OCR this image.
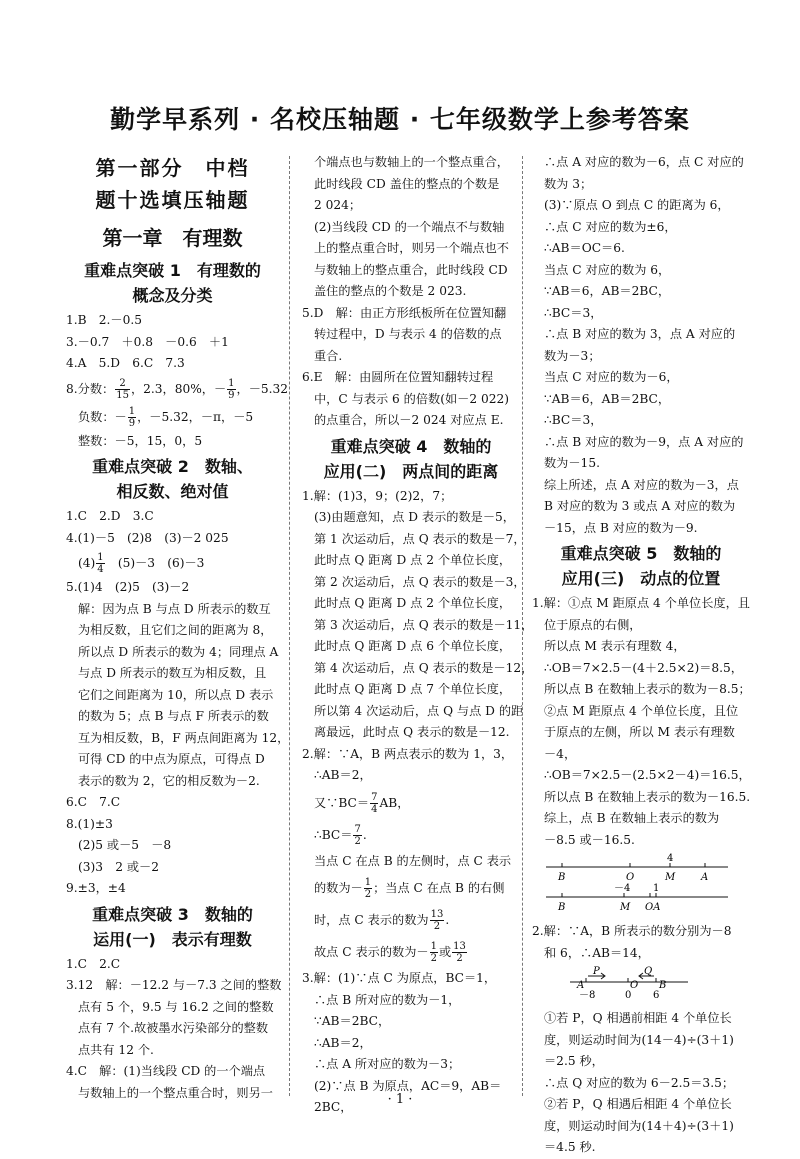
勤学早系列 · 名校压轴题 · 七年级数学上参考答案
第一部分　中档
题十选填压轴题
第一章　有理数
重难点突破 1　有理数的
概念及分类
1.B　2.－0.5
3.－0.7　＋0.8　－0.6　＋1
4.A　5.D　6.C　7.3
8.分数： $\frac{2}{15}$ ，2.3，80%，－ $\frac{1}{9}$ ，－5.32
负数：－ $\frac{1}{9}$ ，－5.32，－π，－5
整数：－5，15，0，5
重难点突破 2　数轴、
相反数、绝对值
1.C　2.D　3.C
4.(1)－5　(2)8　(3)－2 025
$(4) \frac{1}{4}$ 　(5)－3　(6)－3
5.(1)4　(2)5　(3)－2
解：因为点 B 与点 D 所表示的数互
为相反数，且它们之间的距离为 8，
所以点 D 所表示的数为 4；同理点 A
与点 D 所表示的数互为相反数，且
它们之间距离为 10，所以点 D 表示
的数为 5；点 B 与点 F 所表示的数
互为相反数，B，F 两点间距离为 12，
可得 CD 的中点为原点，可得点 D
表示的数为 2，它的相反数为－2.
6.C　7.C
8.(1)±3
(2)5 或－5　－8
(3)3　2 或－2
9.±3，±4
重难点突破 3　数轴的
运用(一)　表示有理数
1.C　2.C
3.12　解：－12.2 与－7.3 之间的整数
点有 5 个，9.5 与 16.2 之间的整数
点有 7 个.故被墨水污染部分的整数
点共有 12 个.
4.C　解：(1)当线段 CD 的一个端点
与数轴上的一个整点重合时，则另一
个端点也与数轴上的一个整点重合，
此时线段 CD 盖住的整点的个数是
2 024；
(2)当线段 CD 的一个端点不与数轴
上的整点重合时，则另一个端点也不
与数轴上的整点重合，此时线段 CD
盖住的整点的个数是 2 023.
5.D　解：由正方形纸板所在位置知翻
转过程中，D 与表示 4 的倍数的点
重合.
6.E　解：由圆所在位置知翻转过程
中，C 与表示 6 的倍数(如－2 022)
的点重合，所以－2 024 对应点 E.
重难点突破 4　数轴的
应用(二)　两点间的距离
1.解：(1)3，9；(2)2，7；
(3)由题意知，点 D 表示的数是－5，
第 1 次运动后，点 Q 表示的数是－7，
此时点 Q 距离 D 点 2 个单位长度，
第 2 次运动后，点 Q 表示的数是－3，
此时点 Q 距离 D 点 2 个单位长度，
第 3 次运动后，点 Q 表示的数是－11，
此时点 Q 距离 D 点 6 个单位长度，
第 4 次运动后，点 Q 表示的数是－12，
此时点 Q 距离 D 点 7 个单位长度，
所以第 4 次运动后，点 Q 与点 D 的距
离最远，此时点 Q 表示的数是－12.
2.解：∵A，B 两点表示的数为 1，3，
∴AB＝2，
又∵BC＝ $\frac{7}{4}$ AB，
∴BC＝ $\frac{7}{2}$ .
当点 C 在点 B 的左侧时，点 C 表示
的数为－ $\frac{1}{2}$ ；当点 C 在点 B 的右侧
时，点 C 表示的数为 $\frac{13}{2}$ .
故点 C 表示的数为－ $\frac{1}{2}$ 或 $\frac{13}{2}$
3.解：(1)∵点 C 为原点，BC＝1，
∴点 B 所对应的数为－1，
∵AB＝2BC，
∴AB＝2，
∴点 A 所对应的数为－3；
(2)∵点 B 为原点，AC＝9，AB＝
2BC，
∴点 A 对应的数为－6，点 C 对应的
数为 3；
(3)∵原点 O 到点 C 的距离为 6，
∴点 C 对应的数为±6，
∴AB＝OC＝6.
当点 C 对应的数为 6，
∵AB＝6，AB＝2BC，
∴BC＝3，
∴点 B 对应的数为 3，点 A 对应的
数为－3；
当点 C 对应的数为－6，
∵AB＝6，AB＝2BC，
∴BC＝3，
∴点 B 对应的数为－9，点 A 对应的
数为－15.
综上所述，点 A 对应的数为－3，点
B 对应的数为 3 或点 A 对应的数为
－15，点 B 对应的数为－9.
重难点突破 5　数轴的
应用(三)　动点的位置
1.解：①点 M 距原点 4 个单位长度，且
位于原点的右侧，
所以点 M 表示有理数 4，
∴OB＝7×2.5－(4＋2.5×2)＝8.5，
所以点 B 在数轴上表示的数为－8.5；
②点 M 距原点 4 个单位长度，且位
于原点的左侧，所以 M 表示有理数
－4，
∴OB＝7×2.5－(2.5×2－4)＝16.5，
所以点 B 在数轴上表示的数为－16.5.
综上，点 B 在数轴上表示的数为
－8.5 或－16.5.
4
B	O	M	A
－4 1
B	M OA
2.解：∵A，B 所表示的数分别为－8
和 6，∴AB＝14，
P	Q
A	O B
－8	0 6
①若 P，Q 相遇前相距 4 个单位长
度，则运动时间为(14－4)÷(3＋1)
＝2.5 秒，
∴点 Q 对应的数为 6－2.5＝3.5；
②若 P，Q 相遇后相距 4 个单位长
度，则运动时间为(14＋4)÷(3＋1)
＝4.5 秒.
· 1 ·
